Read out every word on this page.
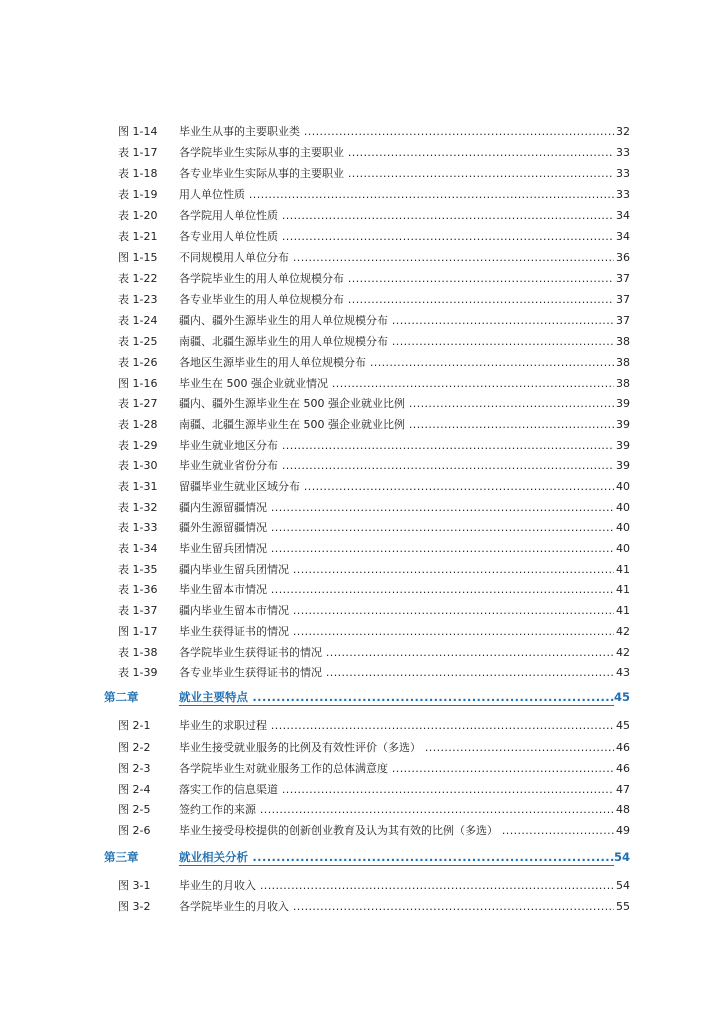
图 1-14 毕业生从事的主要职业类 .....	32
表 1-17 各学院毕业生实际从事的主要职业 .....	33
表 1-18 各专业毕业生实际从事的主要职业 .....	33
表 1-19 用人单位性质 .....	33
表 1-20 各学院用人单位性质 .....	34
表 1-21 各专业用人单位性质 .....	34
图 1-15 不同规模用人单位分布 .....	36
表 1-22 各学院毕业生的用人单位规模分布 .....	37
表 1-23 各专业毕业生的用人单位规模分布 .....	37
表 1-24 疆内、疆外生源毕业生的用人单位规模分布 .....	37
表 1-25 南疆、北疆生源毕业生的用人单位规模分布 .....	38
表 1-26 各地区生源毕业生的用人单位规模分布 .....	38
图 1-16 毕业生在 500 强企业就业情况 .....	38
表 1-27 疆内、疆外生源毕业生在 500 强企业就业比例 .....	39
表 1-28 南疆、北疆生源毕业生在 500 强企业就业比例 .....	39
表 1-29 毕业生就业地区分布 .....	39
表 1-30 毕业生就业省份分布 .....	39
表 1-31 留疆毕业生就业区域分布 .....	40
表 1-32 疆内生源留疆情况 .....	40
表 1-33 疆外生源留疆情况 .....	40
表 1-34 毕业生留兵团情况 .....	40
表 1-35 疆内毕业生留兵团情况 .....	41
表 1-36 毕业生留本市情况 .....	41
表 1-37 疆内毕业生留本市情况 .....	41
图 1-17 毕业生获得证书的情况 .....	42
表 1-38 各学院毕业生获得证书的情况 .....	42
表 1-39 各专业毕业生获得证书的情况 .....	43
第二章	就业主要特点 .....	45
图 2-1	毕业生的求职过程 .....	45
图 2-2	毕业生接受就业服务的比例及有效性评价（多选） .....	46
图 2-3	各学院毕业生对就业服务工作的总体满意度 .....	46
图 2-4	落实工作的信息渠道 .....	47
图 2-5	签约工作的来源 .....	48
图 2-6	毕业生接受母校提供的创新创业教育及认为其有效的比例（多选） .....	49
第三章	就业相关分析 .....	54
图 3-1	毕业生的月收入 .....	54
图 3-2	各学院毕业生的月收入 .....	55
